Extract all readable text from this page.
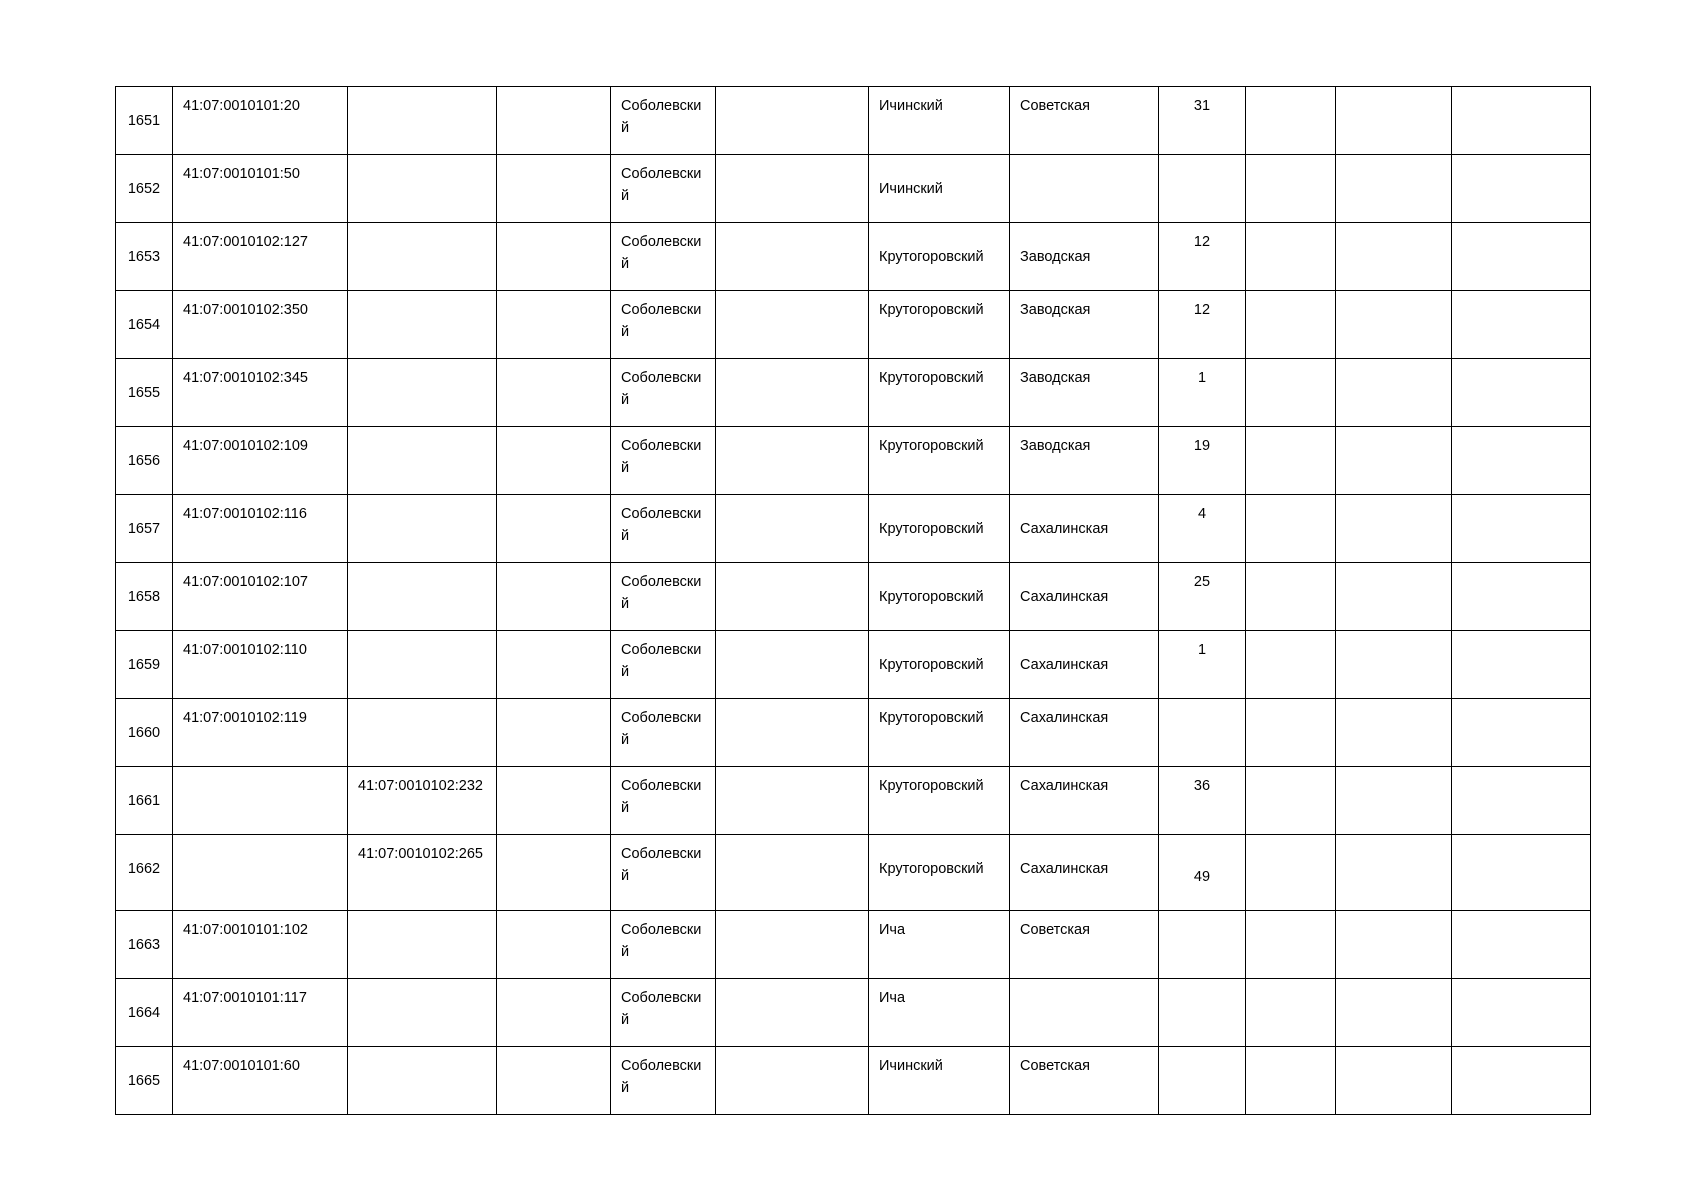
1651	41:07:0010101:20			Соболевский		Ичинский	Советская	31			

1652	41:07:0010101:50			Соболевский		Ичинский					

1653	41:07:0010102:127			Соболевский		Крутогоровский	Заводская	12			

1654	41:07:0010102:350			Соболевский		Крутогоровский	Заводская	12			

1655	41:07:0010102:345			Соболевский		Крутогоровский	Заводская	1			

1656	41:07:0010102:109			Соболевский		Крутогоровский	Заводская	19			

1657	41:07:0010102:116			Соболевский		Крутогоровский	Сахалинская	4			

1658	41:07:0010102:107			Соболевский		Крутогоровский	Сахалинская	25			

1659	41:07:0010102:110			Соболевский		Крутогоровский	Сахалинская	1			

1660	41:07:0010102:119			Соболевский		Крутогоровский	Сахалинская				

1661		41:07:0010102:232		Соболевский		Крутогоровский	Сахалинская	36			

1662		41:07:0010102:265		Соболевский		Крутогоровский	Сахалинская	49			

1663	41:07:0010101:102			Соболевский		Ича	Советская				

1664	41:07:0010101:117			Соболевский		Ича					

1665	41:07:0010101:60			Соболевский		Ичинский	Советская				
